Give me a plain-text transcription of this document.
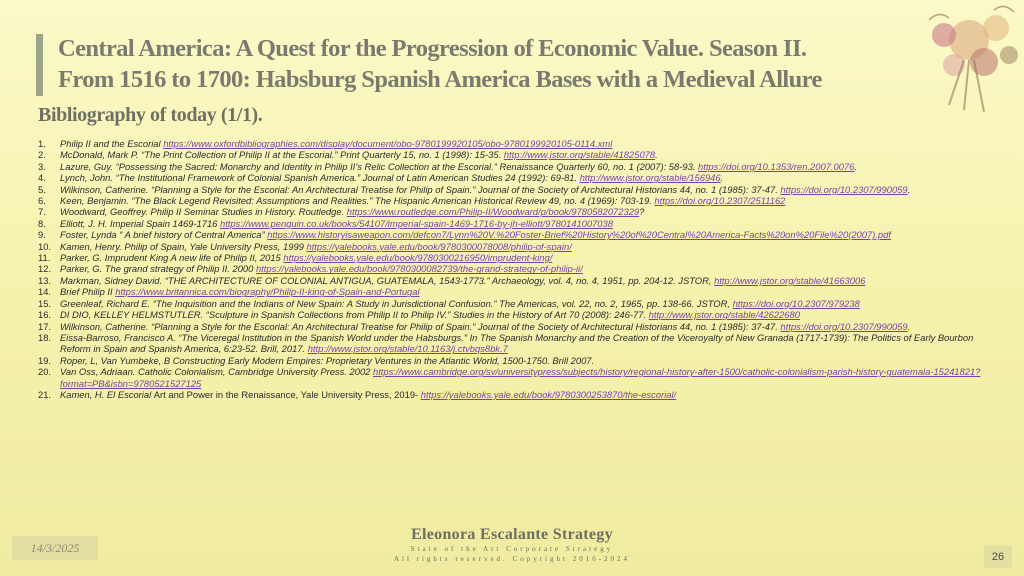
Central America: A Quest for the Progression of Economic Value. Season II.
From 1516 to 1700: Habsburg Spanish America Bases with a Medieval Allure
Bibliography of today (1/1).
1.	Philip II and the Escorial https://www.oxfordbibliographies.com/display/document/obo-9780199920105/obo-9780199920105-0114.xml
2.	McDonald, Mark P. “The Print Collection of Philip II at the Escorial.” Print Quarterly 15, no. 1 (1998): 15-35. http://www.jstor.org/stable/41825078.
3.	Lazure, Guy. “Possessing the Sacred: Monarchy and Identity in Philip II’s Relic Collection at the Escorial.” Renaissance Quarterly 60, no. 1 (2007): 58-93. https://doi.org/10.1353/ren.2007.0076.
4.	Lynch, John. “The Institutional Framework of Colonial Spanish America.” Journal of Latin American Studies 24 (1992): 69-81. http://www.jstor.org/stable/156946.
5.	Wilkinson, Catherine. “Planning a Style for the Escorial: An Architectural Treatise for Philip of Spain.” Journal of the Society of Architectural Historians 44, no. 1 (1985): 37-47. https://doi.org/10.2307/990059.
6.	Keen, Benjamin. “The Black Legend Revisited: Assumptions and Realities.” The Hispanic American Historical Review 49, no. 4 (1969): 703-19. https://doi.org/10.2307/2511162
7.	Woodward, Geoffrey. Philip II Seminar Studies in History. Routledge. https://www.routledge.com/Philip-II/Woodward/p/book/9780582072329?
8.	Elliott, J. H. Imperial Spain 1469-1716 https://www.penguin.co.uk/books/54107/imperial-spain-1469-1716-by-jh-elliott/9780141007038
9.	Foster, Lynda “ A brief history of Central America” https://www.historyisaweapon.com/defcon7/Lynn%20V.%20Foster-Brief%20History%20of%20Central%20America-Facts%20on%20File%20(2007).pdf
10. Kamen, Henry. Philip of Spain, Yale University Press, 1999 https://yalebooks.yale.edu/book/9780300078008/philip-of-spain/
11.	Parker, G. Imprudent King A new life of Philip II, 2015 https://yalebooks.yale.edu/book/9780300216950/imprudent-king/
12. Parker, G. The grand strategy of Philip II. 2000 https://yalebooks.yale.edu/book/9780300082739/the-grand-strategy-of-philip-ii/
13. Markman, Sidney David. “THE ARCHITECTURE OF COLONIAL ANTIGUA, GUATEMALA, 1543-1773.” Archaeology, vol. 4, no. 4, 1951, pp. 204-12. JSTOR, http://www.jstor.org/stable/41663006
14. Brief Philip II https://www.britannica.com/biography/Philip-II-king-of-Spain-and-Portugal
15. Greenleaf, Richard E. “The Inquisition and the Indians of New Spain: A Study in Jurisdictional Confusion.” The Americas, vol. 22, no. 2, 1965, pp. 138-66. JSTOR, https://doi.org/10.2307/979238
16. DI DIO, KELLEY HELMSTUTLER. “Sculpture in Spanish Collections from Philip II to Philip IV.” Studies in the History of Art 70 (2008): 246-77. http://www.jstor.org/stable/42622680
17. Wilkinson, Catherine. “Planning a Style for the Escorial: An Architectural Treatise for Philip of Spain.” Journal of the Society of Architectural Historians 44, no. 1 (1985): 37-47. https://doi.org/10.2307/990059.
18. Eissa-Barroso, Francisco A. “The Viceregal Institution in the Spanish World under the Habsburgs.” In The Spanish Monarchy and the Creation of the Viceroyalty of New Granada (1717-1739): The Politics of Early Bourbon Reform in Spain and Spanish America, 6:23-52. Brill, 2017. http://www.jstor.org/stable/10.1163/j.ctvbqs8bk.7
19. Roper, L, Van Yumbeke, B Constructing Early Modern Empires: Proprietary Ventures in the Atlantic World, 1500-1750. Brill 2007.
20. Van Oss, Adriaan. Catholic Colonialism, Cambridge University Press. 2002 https://www.cambridge.org/sv/universitypress/subjects/history/regional-history-after-1500/catholic-colonialism-parish-history-guatemala-15241821?format=PB&isbn=9780521527125
21. Kamen, H. El Escorial Art and Power in the Renaissance, Yale University Press, 2019- https://yalebooks.yale.edu/book/9780300253870/the-escorial/
14/3/2025
Eleonora Escalante Strategy
State of the Art Corporate Strategy
All rights reserved. Copyright 2016-2024	26
